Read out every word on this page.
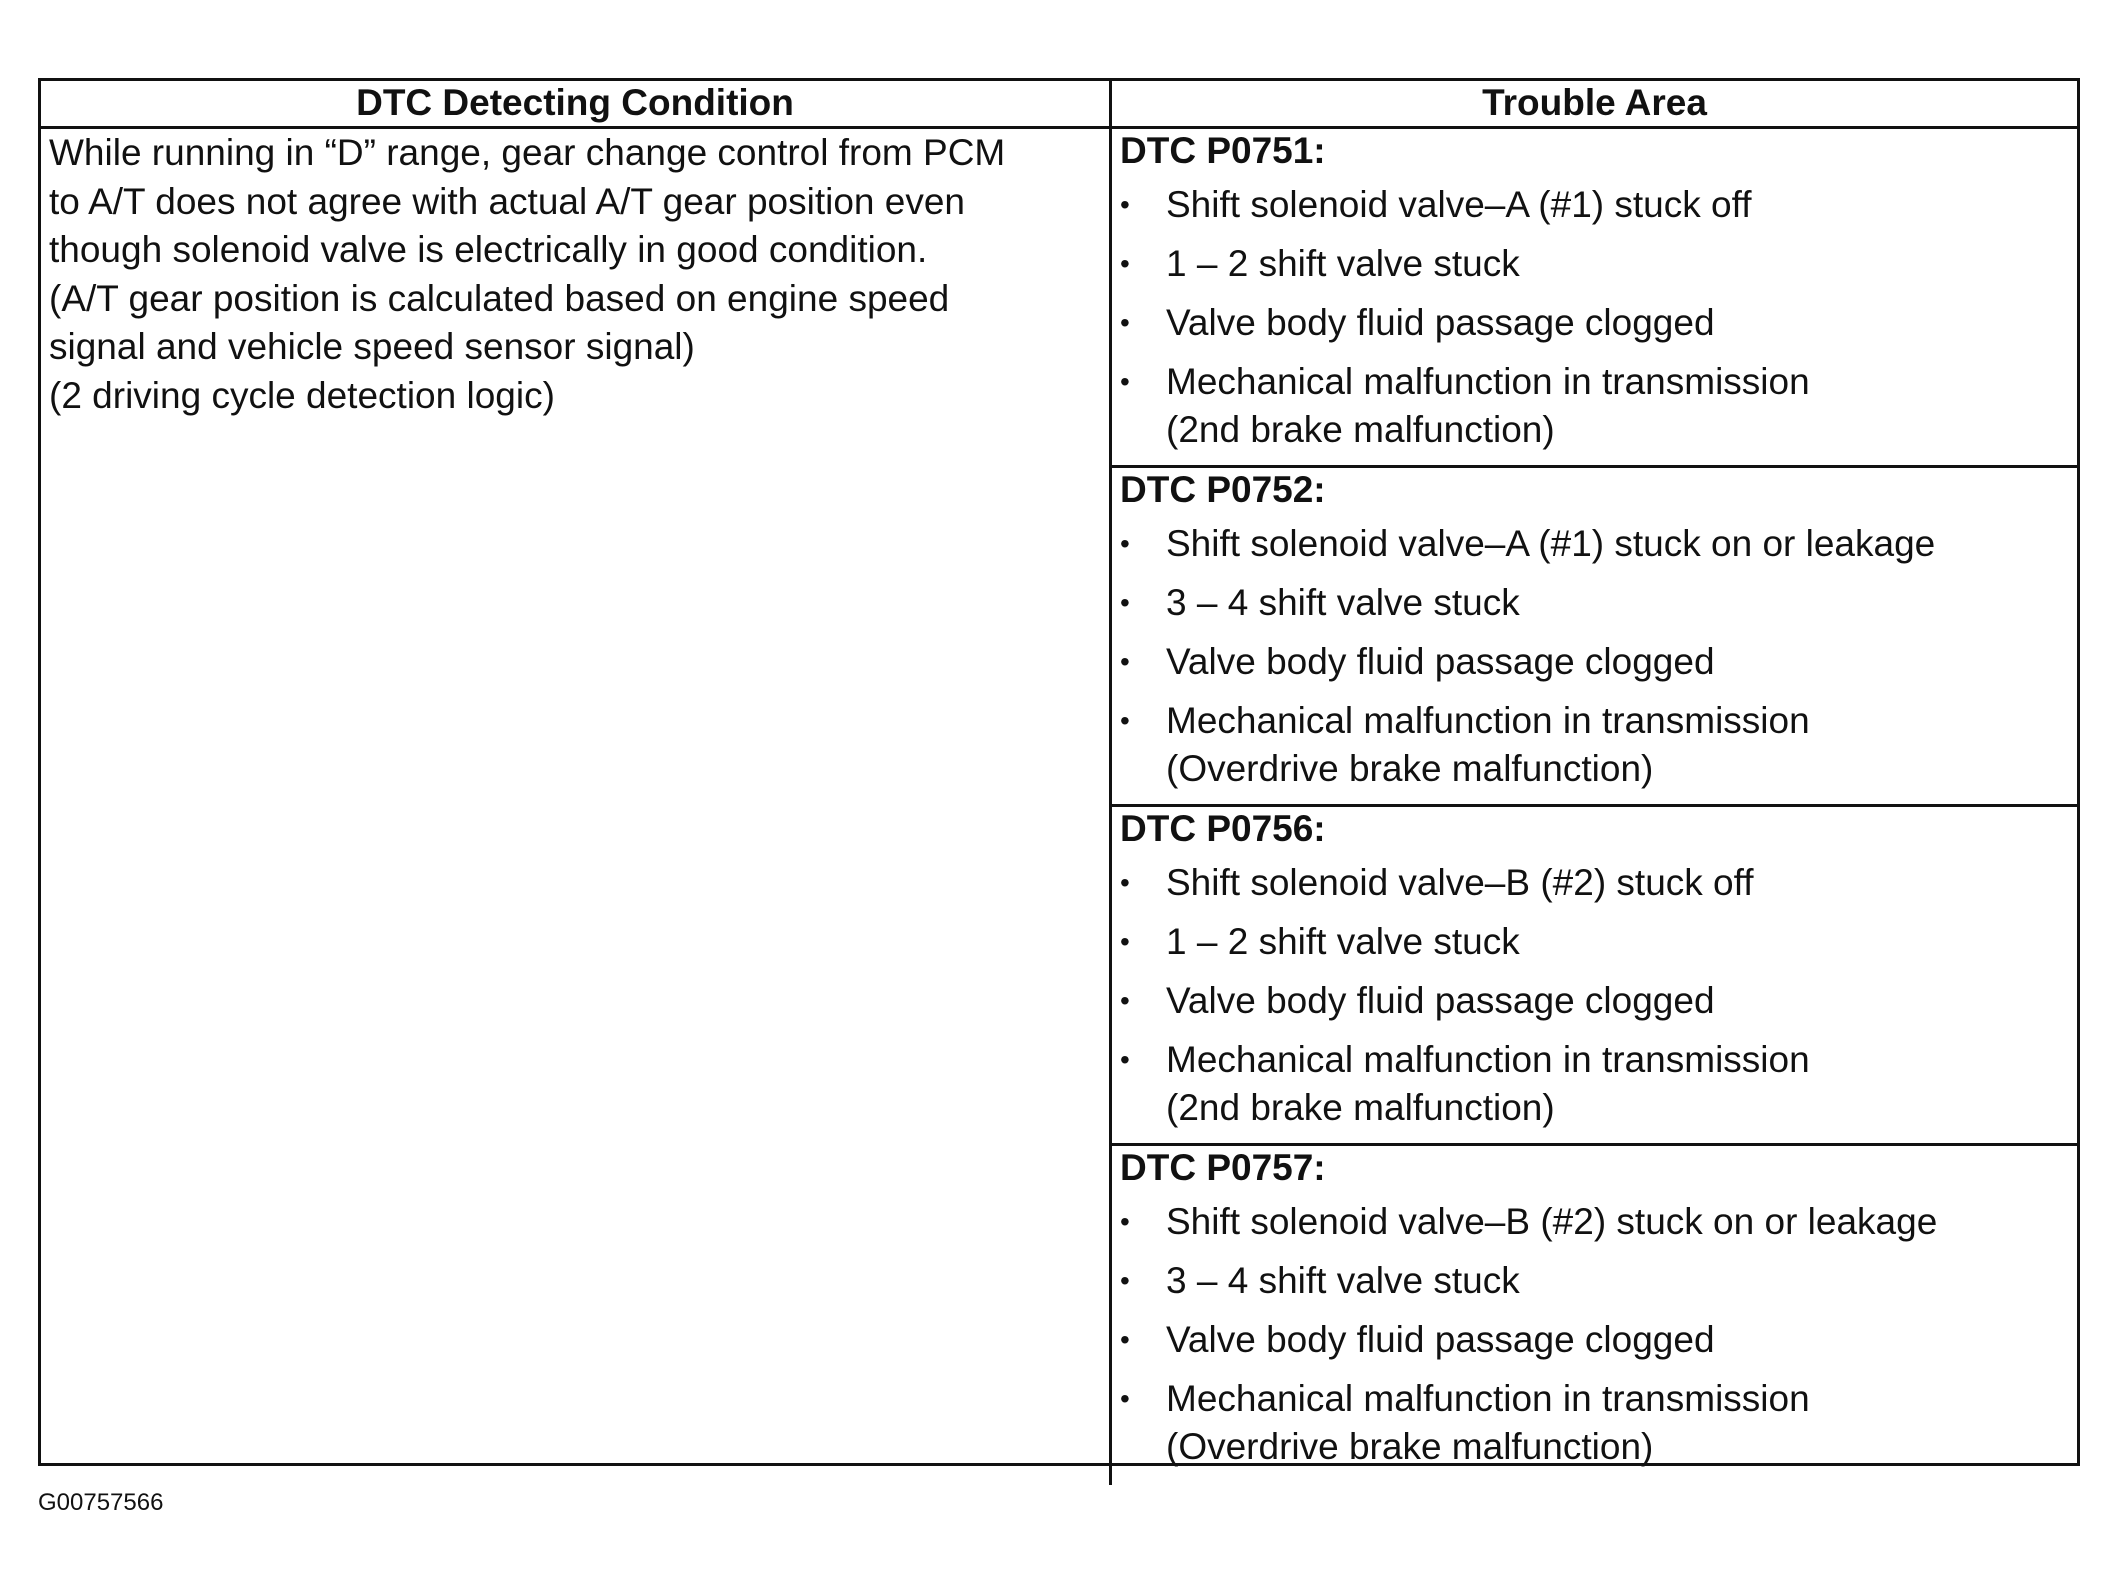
DTC Detecting Condition	Trouble Area
While running in “D” range, gear change control from PCM
to A/T does not agree with actual A/T gear position even
though solenoid valve is electrically in good condition.
(A/T gear position is calculated based on engine speed
signal and vehicle speed sensor signal)
(2 driving cycle detection logic)
DTC P0751:
• Shift solenoid valve–A (#1) stuck off
• 1 – 2 shift valve stuck
• Valve body fluid passage clogged
• Mechanical malfunction in transmission
(2nd brake malfunction)
DTC P0752:
• Shift solenoid valve–A (#1) stuck on or leakage
• 3 – 4 shift valve stuck
• Valve body fluid passage clogged
• Mechanical malfunction in transmission
(Overdrive brake malfunction)
DTC P0756:
• Shift solenoid valve–B (#2) stuck off
• 1 – 2 shift valve stuck
• Valve body fluid passage clogged
• Mechanical malfunction in transmission
(2nd brake malfunction)
DTC P0757:
• Shift solenoid valve–B (#2) stuck on or leakage
• 3 – 4 shift valve stuck
• Valve body fluid passage clogged
• Mechanical malfunction in transmission
(Overdrive brake malfunction)
G00757566
